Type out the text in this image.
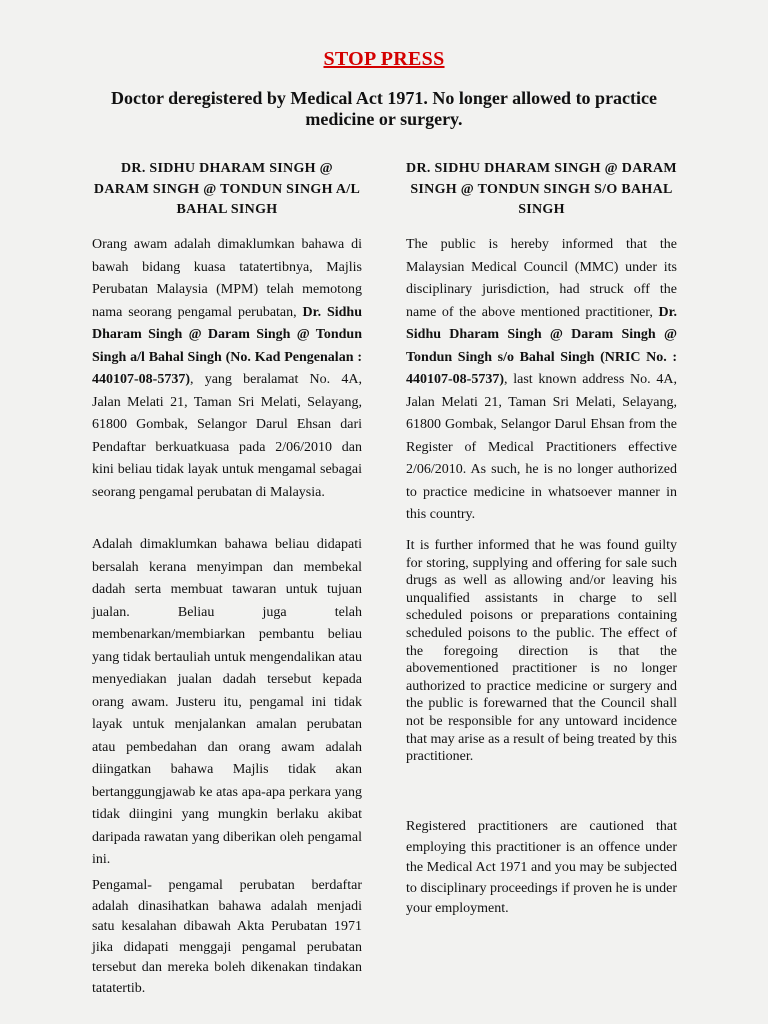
STOP PRESS
Doctor deregistered by Medical Act 1971. No longer allowed to practice medicine or surgery.

DR. SIDHU DHARAM SINGH @ DARAM SINGH @ TONDUN SINGH A/L BAHAL SINGH

Orang awam adalah dimaklumkan bahawa di bawah bidang kuasa tatatertibnya, Majlis Perubatan Malaysia (MPM) telah memotong nama seorang pengamal perubatan, Dr. Sidhu Dharam Singh @ Daram Singh @ Tondun Singh a/l Bahal Singh (No. Kad Pengenalan : 440107-08-5737), yang beralamat No. 4A, Jalan Melati 21, Taman Sri Melati, Selayang, 61800 Gombak, Selangor Darul Ehsan dari Pendaftar berkuatkuasa pada 2/06/2010 dan kini beliau tidak layak untuk mengamal sebagai seorang pengamal perubatan di Malaysia.

Adalah dimaklumkan bahawa beliau didapati bersalah kerana menyimpan dan membekal dadah serta membuat tawaran untuk tujuan jualan. Beliau juga telah membenarkan/membiarkan pembantu beliau yang tidak bertauliah untuk mengendalikan atau menyediakan jualan dadah tersebut kepada orang awam. Justeru itu, pengamal ini tidak layak untuk menjalankan amalan perubatan atau pembedahan dan orang awam adalah diingatkan bahawa Majlis tidak akan bertanggungjawab ke atas apa-apa perkara yang tidak diingini yang mungkin berlaku akibat daripada rawatan yang diberikan oleh pengamal ini.

Pengamal- pengamal perubatan berdaftar adalah dinasihatkan bahawa adalah menjadi satu kesalahan dibawah Akta Perubatan 1971 jika didapati menggaji pengamal perubatan tersebut dan mereka boleh dikenakan tindakan tatatertib.

DR. SIDHU DHARAM SINGH @ DARAM SINGH @ TONDUN SINGH S/O BAHAL SINGH

The public is hereby informed that the Malaysian Medical Council (MMC) under its disciplinary jurisdiction, had struck off the name of the above mentioned practitioner, Dr. Sidhu Dharam Singh @ Daram Singh @ Tondun Singh s/o Bahal Singh (NRIC No. : 440107-08-5737), last known address No. 4A, Jalan Melati 21, Taman Sri Melati, Selayang, 61800 Gombak, Selangor Darul Ehsan from the Register of Medical Practitioners effective 2/06/2010. As such, he is no longer authorized to practice medicine in whatsoever manner in this country.

It is further informed that he was found guilty for storing, supplying and offering for sale such drugs as well as allowing and/or leaving his unqualified assistants in charge to sell scheduled poisons or preparations containing scheduled poisons to the public. The effect of the foregoing direction is that the abovementioned practitioner is no longer authorized to practice medicine or surgery and the public is forewarned that the Council shall not be responsible for any untoward incidence that may arise as a result of being treated by this practitioner.

Registered practitioners are cautioned that employing this practitioner is an offence under the Medical Act 1971 and you may be subjected to disciplinary proceedings if proven he is under your employment.
